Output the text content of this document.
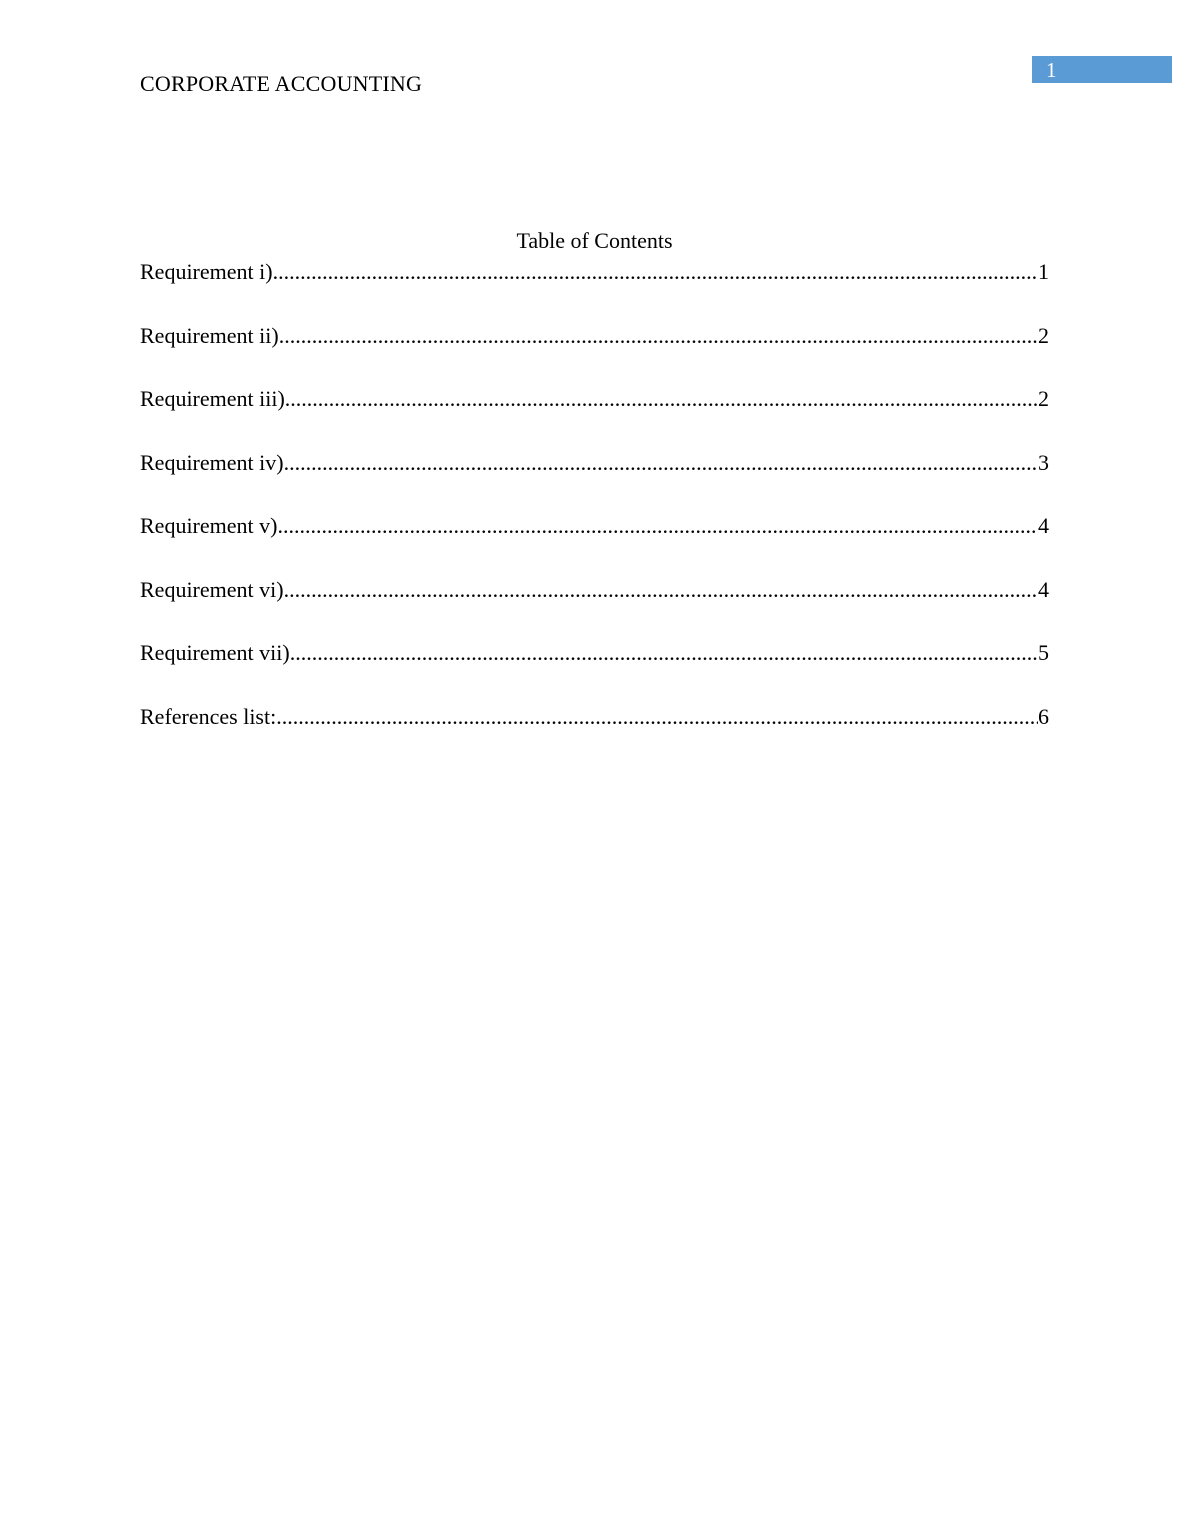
CORPORATE ACCOUNTING
1
Table of Contents
Requirement i) .....	1
Requirement ii) .....	2
Requirement iii) .....	2
Requirement iv) .....	3
Requirement v) .....	4
Requirement vi) .....	4
Requirement vii) .....	5
References list: .....	6
